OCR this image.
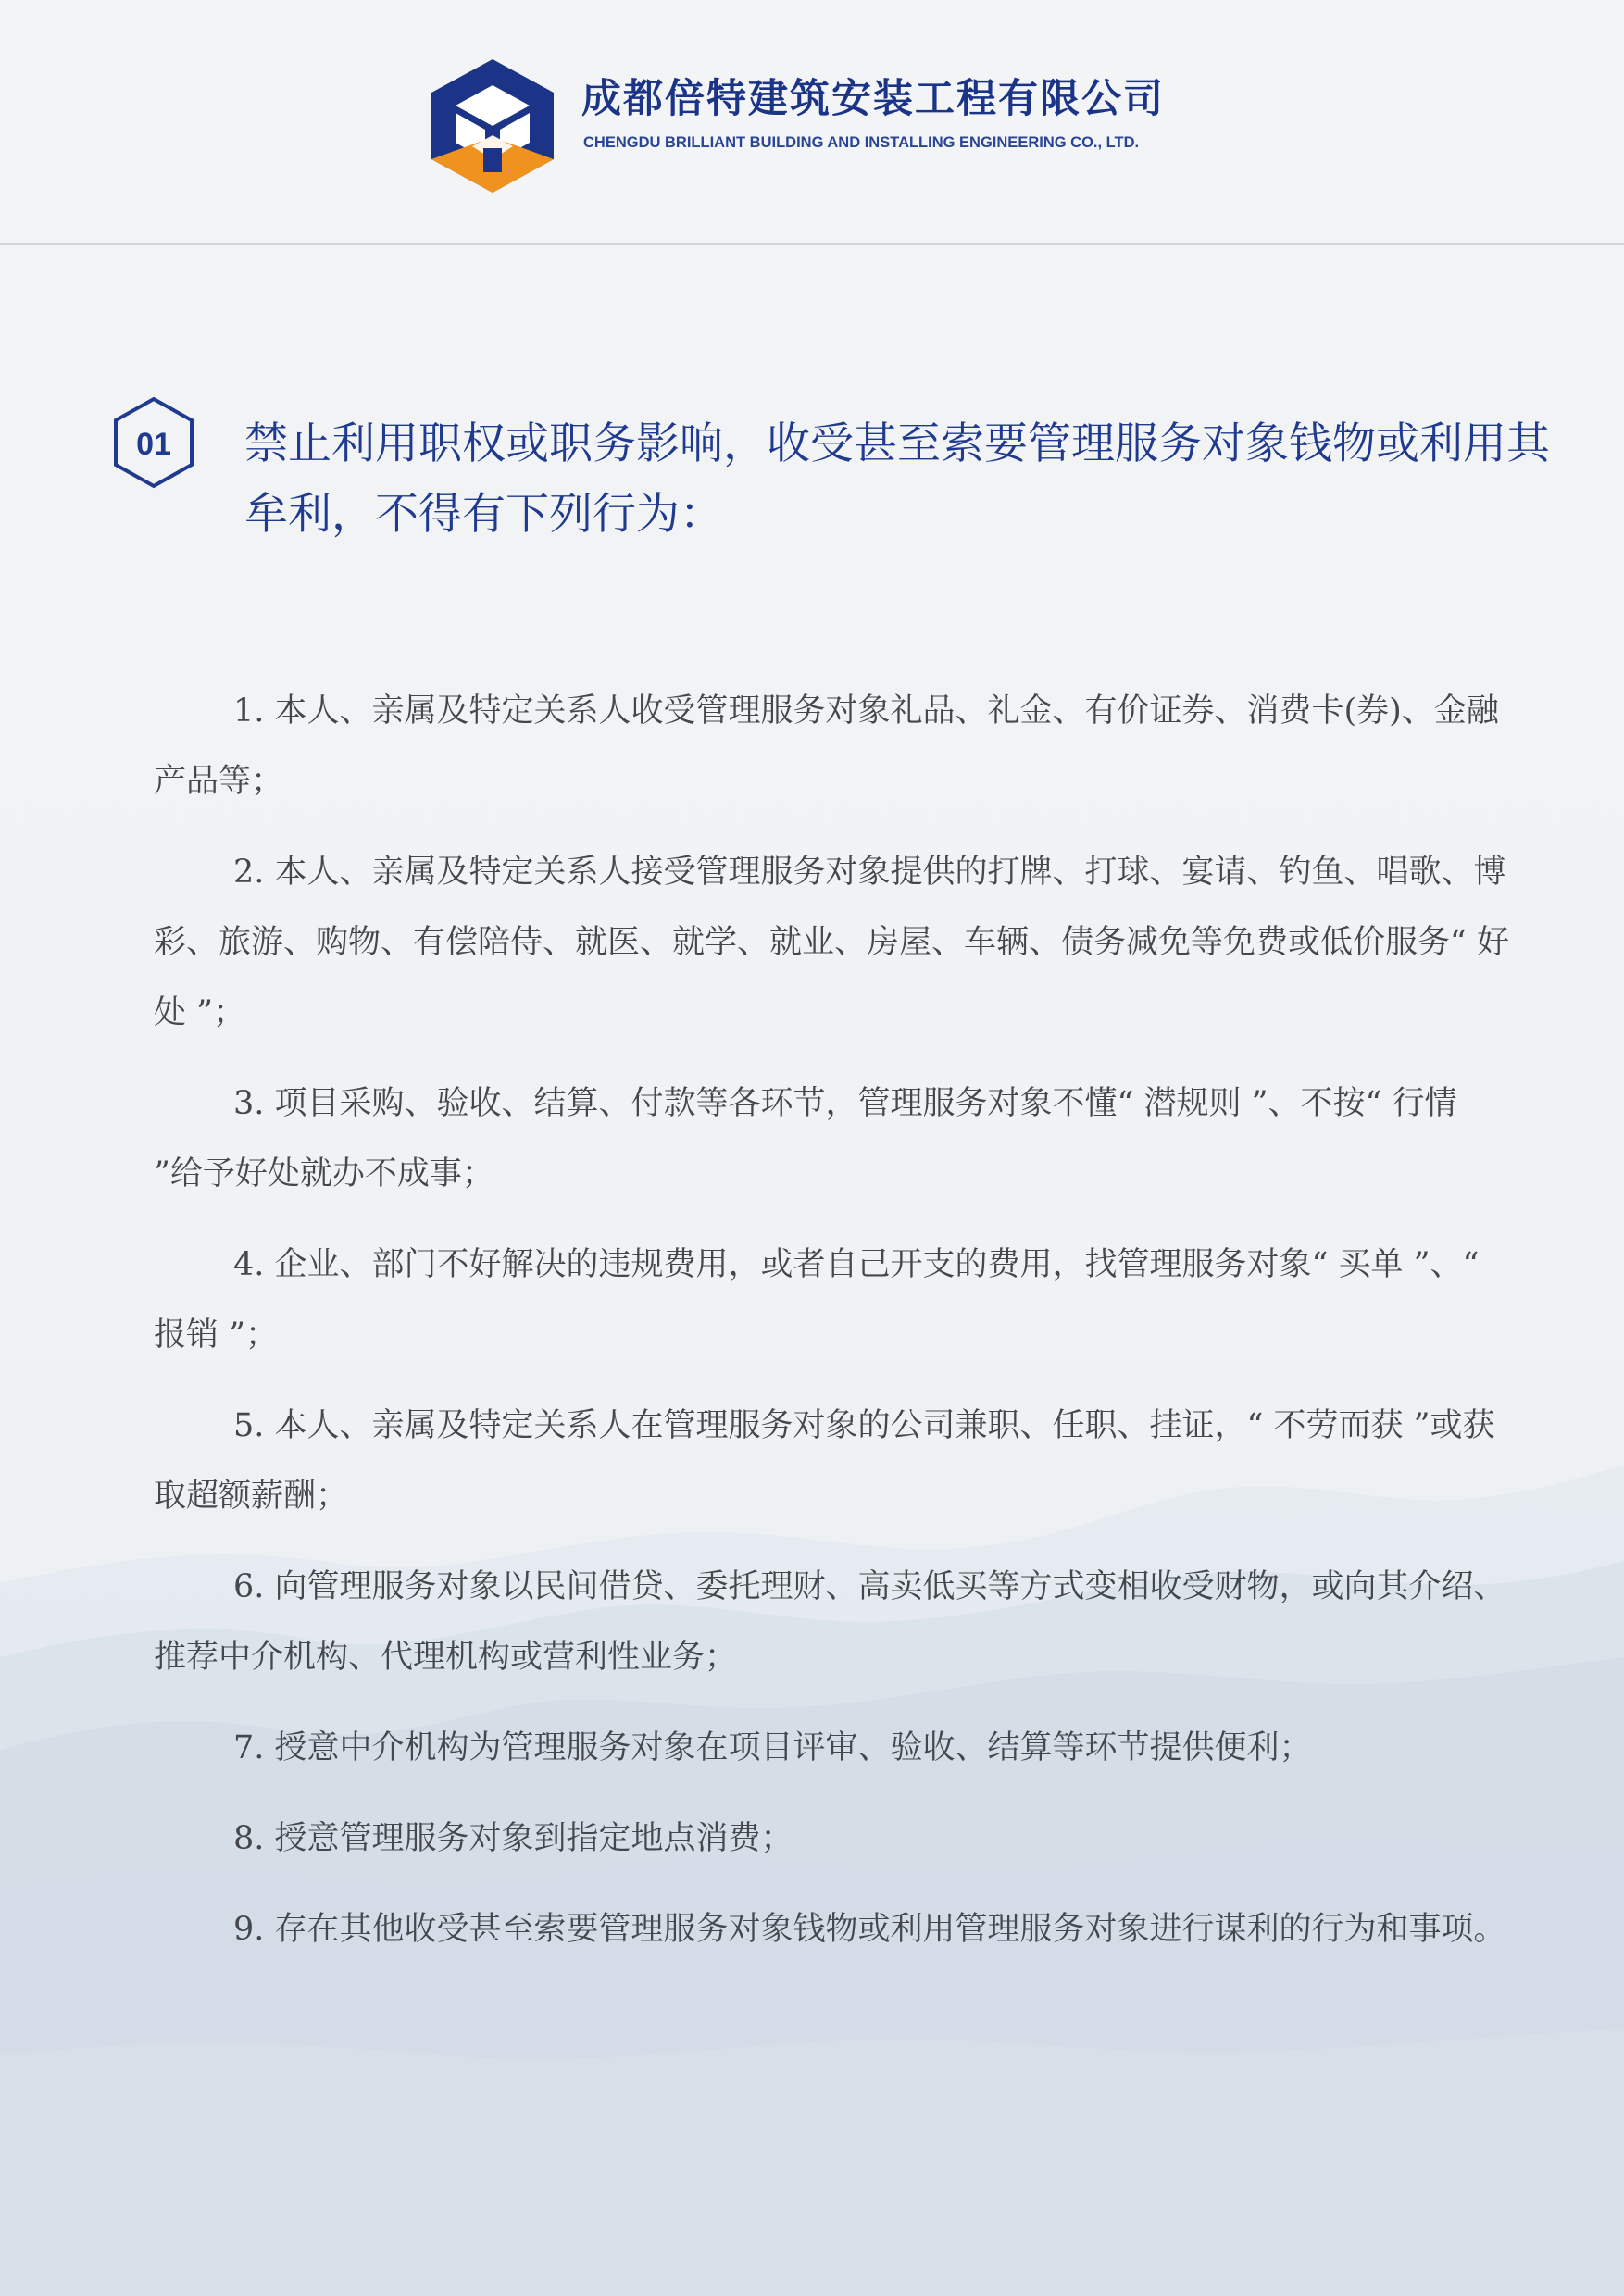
成都倍特建筑安装工程有限公司
CHENGDU BRILLIANT BUILDING AND INSTALLING ENGINEERING CO., LTD.
01 禁止利用职权或职务影响，收受甚至索要管理服务对象钱物或利用其牟利，不得有下列行为：
1. 本人、亲属及特定关系人收受管理服务对象礼品、礼金、有价证券、消费卡(券)、金融产品等；
2. 本人、亲属及特定关系人接受管理服务对象提供的打牌、打球、宴请、钓鱼、唱歌、博彩、旅游、购物、有偿陪侍、就医、就学、就业、房屋、车辆、债务减免等免费或低价服务“ 好处 ”；
3. 项目采购、验收、结算、付款等各环节，管理服务对象不懂“ 潜规则 ”、不按“ 行情 ”给予好处就办不成事；
4. 企业、部门不好解决的违规费用，或者自己开支的费用，找管理服务对象“ 买单 ”、“ 报销 ”；
5. 本人、亲属及特定关系人在管理服务对象的公司兼职、任职、挂证，“ 不劳而获 ”或获取超额薪酬；
6. 向管理服务对象以民间借贷、委托理财、高卖低买等方式变相收受财物，或向其介绍、推荐中介机构、代理机构或营利性业务；
7. 授意中介机构为管理服务对象在项目评审、验收、结算等环节提供便利；
8. 授意管理服务对象到指定地点消费；
9. 存在其他收受甚至索要管理服务对象钱物或利用管理服务对象进行谋利的行为和事项。
